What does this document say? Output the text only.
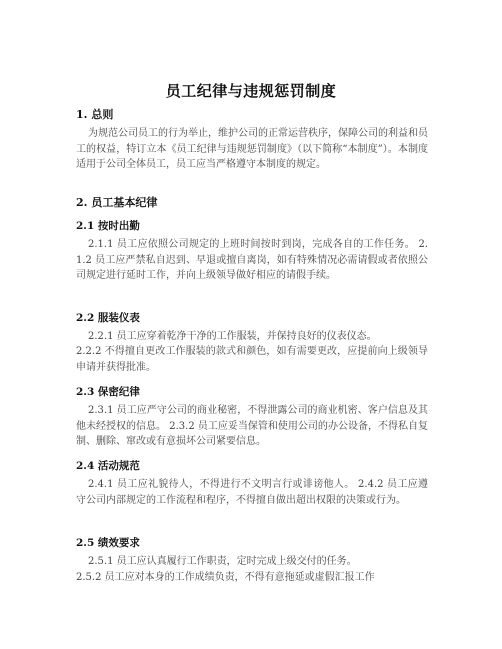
员工纪律与违规惩罚制度
1. 总则
为规范公司员工的行为举止，维护公司的正常运营秩序，保障公司的利益和员工的权益，特订立本《员工纪律与违规惩罚制度》（以下简称“本制度”）。本制度适用于公司全体员工，员工应当严格遵守本制度的规定。
2. 员工基本纪律
2.1 按时出勤
2.1.1 员工应依照公司规定的上班时间按时到岗，完成各自的工作任务。 2.1.2 员工应严禁私自迟到、早退或擅自离岗，如有特殊情况必需请假或者依照公司规定进行延时工作，并向上级领导做好相应的请假手续。
2.2 服装仪表
2.2.1 员工应穿着乾净干净的工作服装，并保持良好的仪表仪态。
2.2.2 不得擅自更改工作服装的款式和颜色，如有需要更改，应提前向上级领导申请并获得批准。
2.3 保密纪律
2.3.1 员工应严守公司的商业秘密，不得泄露公司的商业机密、客户信息及其他未经授权的信息。 2.3.2 员工应妥当保管和使用公司的办公设备，不得私自复制、删除、窜改或有意损坏公司紧要信息。
2.4 活动规范
2.4.1 员工应礼貌待人，不得进行不文明言行或诽谤他人。 2.4.2 员工应遵守公司内部规定的工作流程和程序，不得擅自做出超出权限的决策或行为。
2.5 绩效要求
2.5.1 员工应认真履行工作职责，定时完成上级交付的任务。
2.5.2 员工应对本身的工作成绩负责，不得有意拖延或虚假汇报工作
